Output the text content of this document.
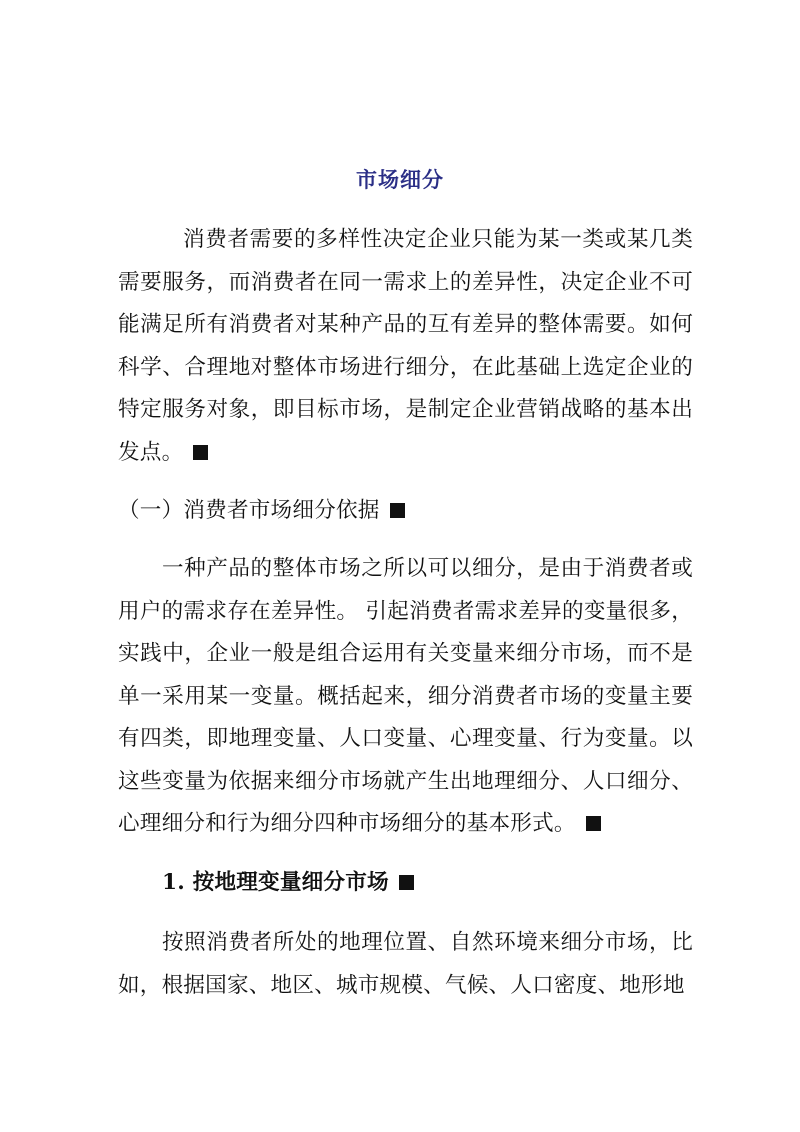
市场细分
消费者需要的多样性决定企业只能为某一类或某几类需要服务，而消费者在同一需求上的差异性，决定企业不可能满足所有消费者对某种产品的互有差异的整体需要。如何科学、合理地对整体市场进行细分，在此基础上选定企业的特定服务对象，即目标市场，是制定企业营销战略的基本出发点。
（一）消费者市场细分依据
一种产品的整体市场之所以可以细分，是由于消费者或用户的需求存在差异性。 引起消费者需求差异的变量很多，实践中，企业一般是组合运用有关变量来细分市场，而不是单一采用某一变量。概括起来，细分消费者市场的变量主要有四类，即地理变量、人口变量、心理变量、行为变量。以这些变量为依据来细分市场就产生出地理细分、人口细分、心理细分和行为细分四种市场细分的基本形式。
1. 按地理变量细分市场
按照消费者所处的地理位置、自然环境来细分市场，比如，根据国家、地区、城市规模、气候、人口密度、地形地
